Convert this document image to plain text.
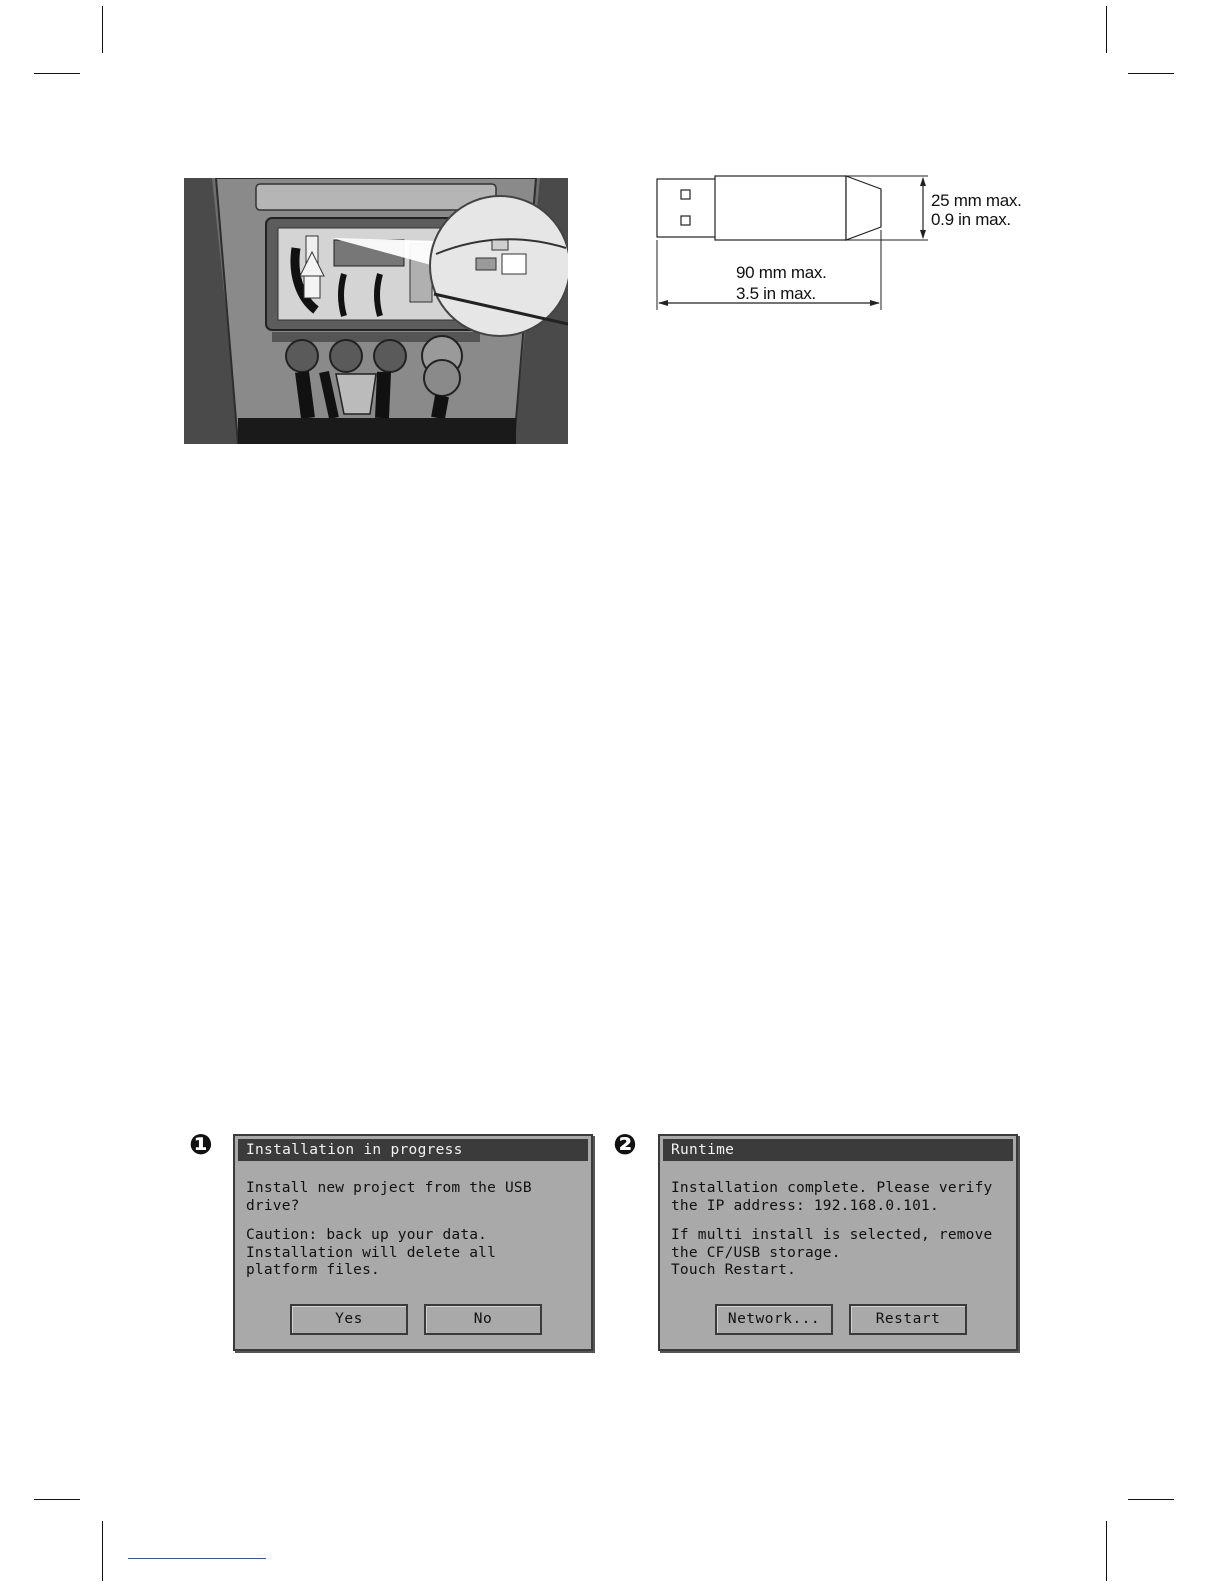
25 mm max.
0.9 in max.
90 mm max.
3.5 in max.
❶	Installation in progress
Install new project from the USB
drive?
Caution: back up your data.
Installation will delete all
platform files.
Yes	No
❷	Runtime
Installation complete. Please verify
the IP address: 192.168.0.101.
If multi install is selected, remove
the CF/USB storage.
Touch Restart.
Network...	Restart
